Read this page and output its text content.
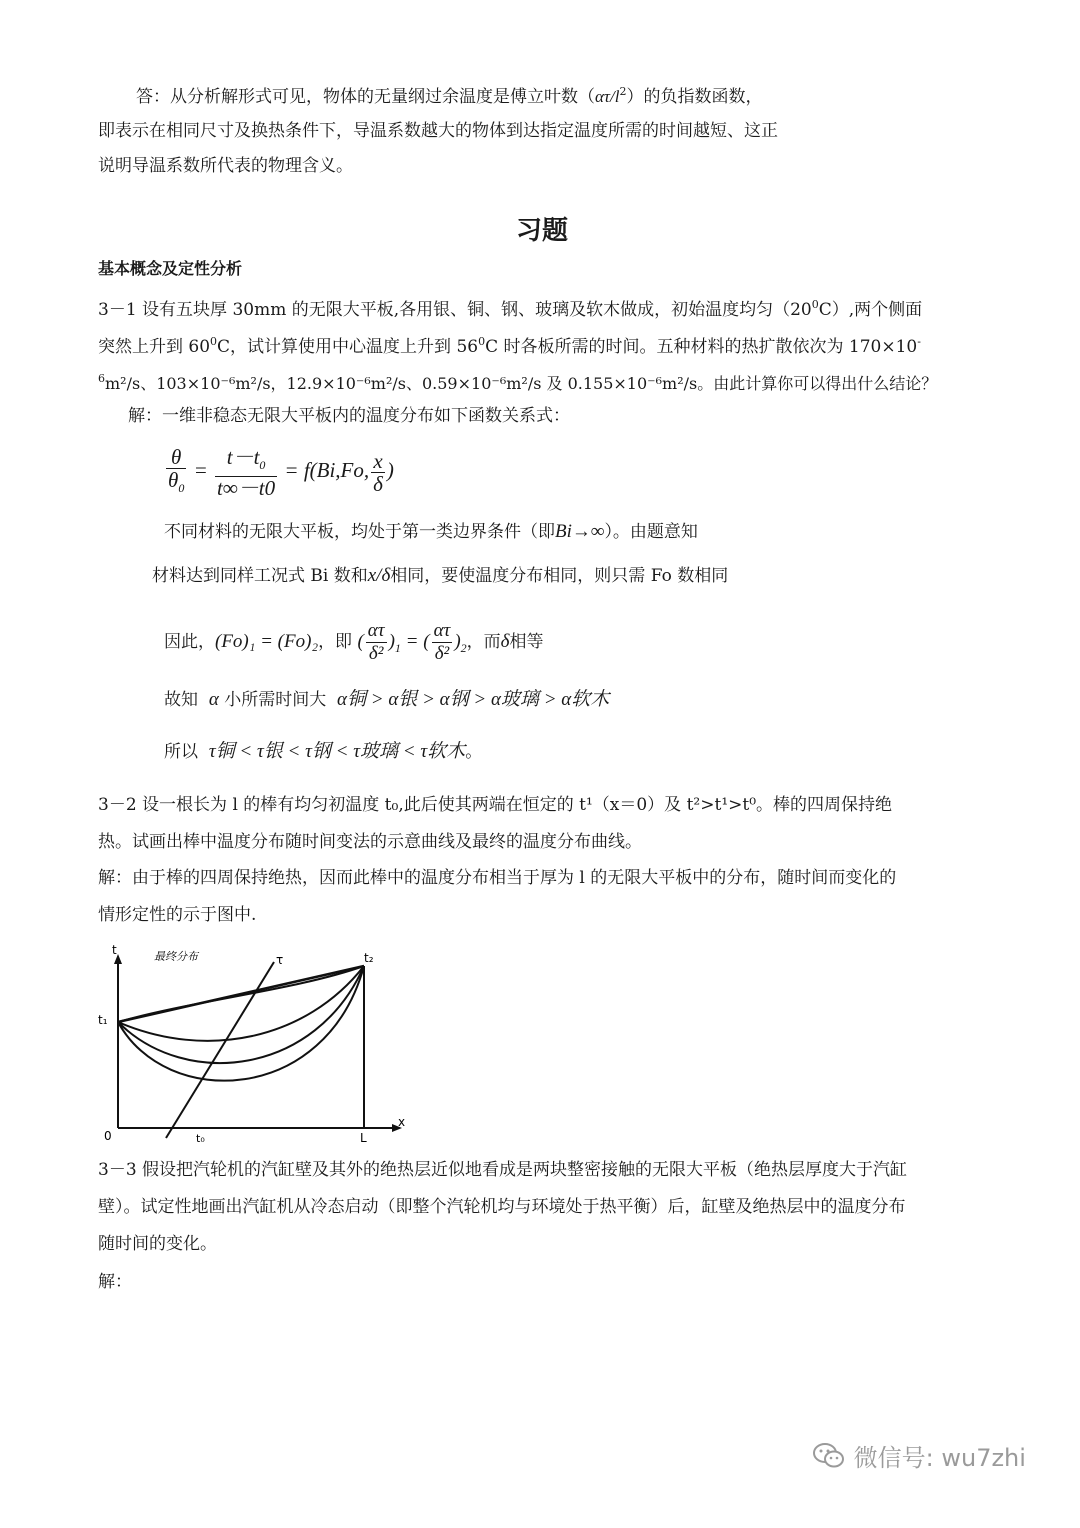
答：从分析解形式可见，物体的无量纲过余温度是傅立叶数$(\alpha\tau/l^2)$的负指数函数，
即表示在相同尺寸及换热条件下，导温系数越大的物体到达指定温度所需的时间越短、这正
说明导温系数所代表的物理含义。
习题
基本概念及定性分析
3－1 设有五块厚 30mm 的无限大平板,各用银、铜、钢、玻璃及软木做成，初始温度均匀$(20^0C)$,两个侧面
突然上升到 $60^0C$，试计算使用中心温度上升到 $56^0C$ 时各板所需的时间。五种材料的热扩散依次为 170×10-
$^6$m²/s、103×10⁻⁶m²/s，12.9×10⁻⁶m²/s、0.59×10⁻⁶m²/s 及 0.155×10⁻⁶m²/s。由此计算你可以得出什么结论？
解：一维非稳态无限大平板内的温度分布如下函数关系式：
$\frac{\theta}{\theta_0} = \frac{t-t_0}{t\infty-t0} = f(Bi,Fo$, $\frac{x}{\delta}$ )
不同材料的无限大平板，均处于第一类边界条件（即Bi→∞）。由题意知
材料达到同样工况式 Bi 数和x/δ相同，要使温度分布相同，则只需 Fo 数相同
因此，(Fo)₁ = (Fo)₂，即 ( $\frac{\alpha\tau}{\text{δ²}} )_1$ = ( $\frac{\alpha\tau}{\text{δ²}} )_2$，而δ相等
故知 α 小所需时间大 α铜 > α银 > α钢 > α玻璃 > α软木
所以 τ铜 < τ银 < τ钢 < τ玻璃 < τ软木。
3－2 设一根长为 l 的棒有均匀初温度 t₀,此后使其两端在恒定的 t¹（x＝0）及 t²>t¹>t⁰。棒的四周保持绝
热。试画出棒中温度分布随时间变法的示意曲线及最终的温度分布曲线。
解：由于棒的四周保持绝热，因而此棒中的温度分布相当于厚为 l 的无限大平板中的分布，随时间而变化的
情形定性的示于图中.
t
x
t₁
t₂
t₀
0	L
τ
最终分布
3－3 假设把汽轮机的汽缸壁及其外的绝热层近似地看成是两块整密接触的无限大平板（绝热层厚度大于汽缸
壁）。试定性地画出汽缸机从冷态启动（即整个汽轮机均与环境处于热平衡）后，缸壁及绝热层中的温度分布
随时间的变化。
解：
微信号: wu7zhi
